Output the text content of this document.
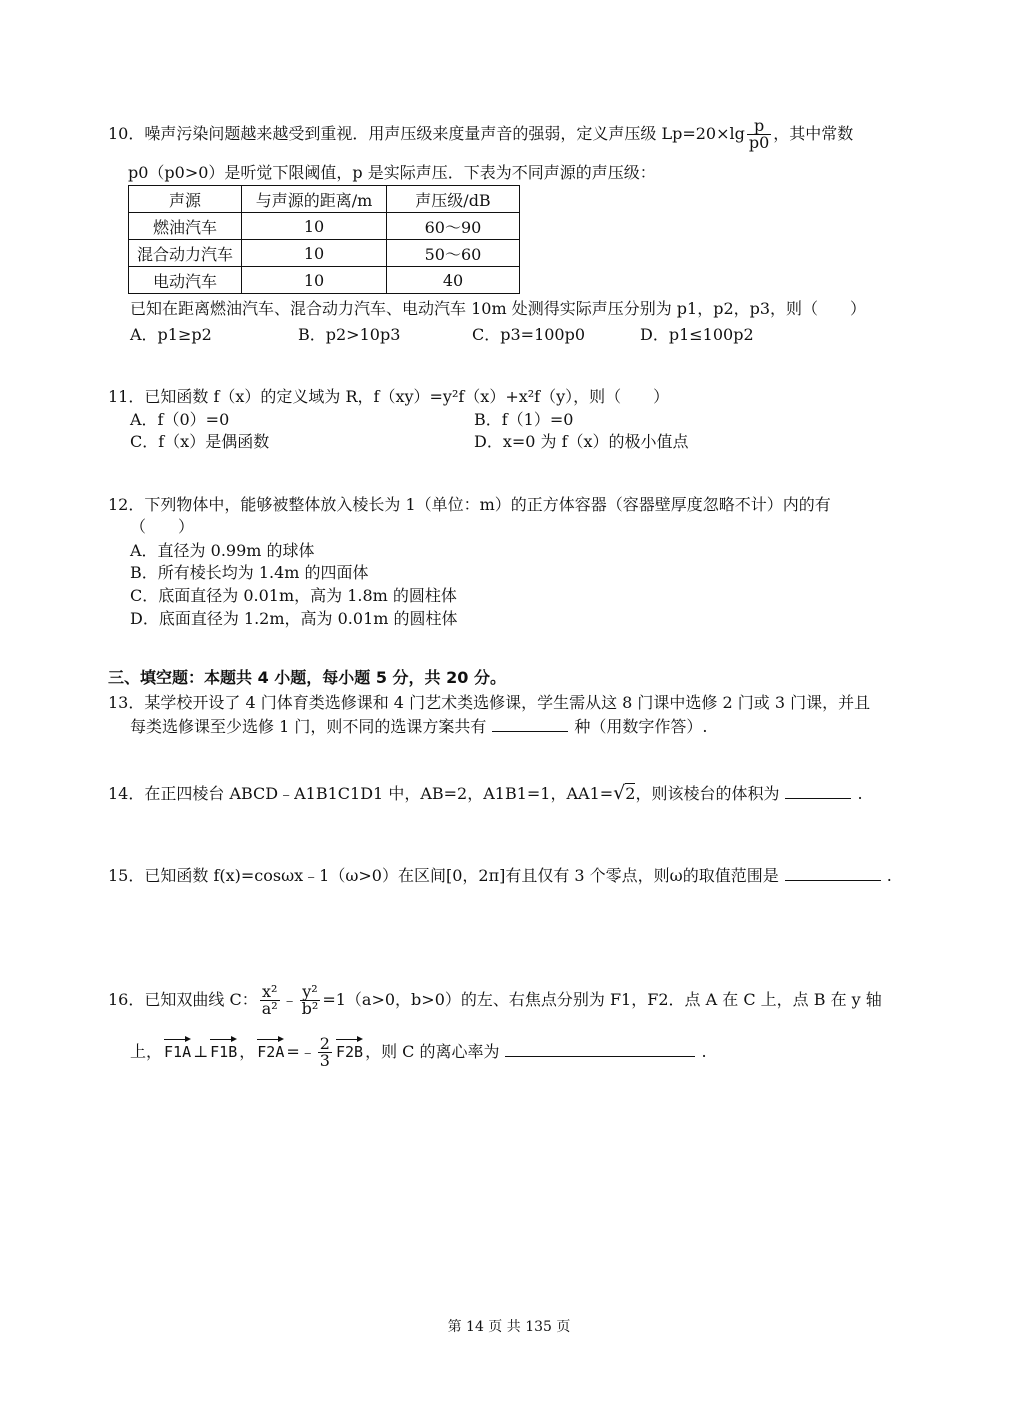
10．噪声污染问题越来越受到重视．用声压级来度量声音的强弱，定义声压级 $Lp=20\times\lg \frac{p}{p0}$ ，其中常数
p0（p0>0）是听觉下限阈值，p 是实际声压．下表为不同声源的声压级：
声源	与声源的距离/m	声压级/dB
燃油汽车	10	60～90
混合动力汽车	10	50～60
电动汽车	10	40
已知在距离燃油汽车、混合动力汽车、电动汽车 10m 处测得实际声压分别为 p1，p2，p3，则（　　）
A．p1≥p2	B．p2>10p3	C．p3=100p0	D．p1≤100p2
11．已知函数 f（x）的定义域为 R，f（xy）=y²f（x）+x²f（y），则（　　）
A．f（0）=0	B．f（1）=0
C．f（x）是偶函数	D．x=0 为 f（x）的极小值点
12．下列物体中，能够被整体放入棱长为 1（单位：m）的正方体容器（容器壁厚度忽略不计）内的有
（　　）
A．直径为 0.99m 的球体
B．所有棱长均为 1.4m 的四面体
C．底面直径为 0.01m，高为 1.8m 的圆柱体
D．底面直径为 1.2m，高为 0.01m 的圆柱体
三、填空题：本题共 4 小题，每小题 5 分，共 20 分。
13．某学校开设了 4 门体育类选修课和 4 门艺术类选修课，学生需从这 8 门课中选修 2 门或 3 门课，并且
每类选修课至少选修 1 门，则不同的选课方案共有	种（用数字作答）.
14．在正四棱台 ABCD﹣A1B1C1D1 中，AB=2，A1B1=1，AA1=√2，则该棱台的体积为	.
15．已知函数 f(x)=cosωx﹣1（ω>0）在区间[0，2π]有且仅有 3 个零点，则ω的取值范围是	.
16．已知双曲线 C： $\frac{\text{x²}}{\text{a²}}$ ﹣ $\frac{\text{y²}}{\text{b²}} =1(a>0$，b>0）的左、右焦点分别为 F1，F2．点 A 在 C 上，点 B 在 y 轴
上， F1A ⊥ F1B ， F2A =﹣ $\frac{2}{3} F2B$ ，则 C 的离心率为	.
第 14 页 共 135 页
